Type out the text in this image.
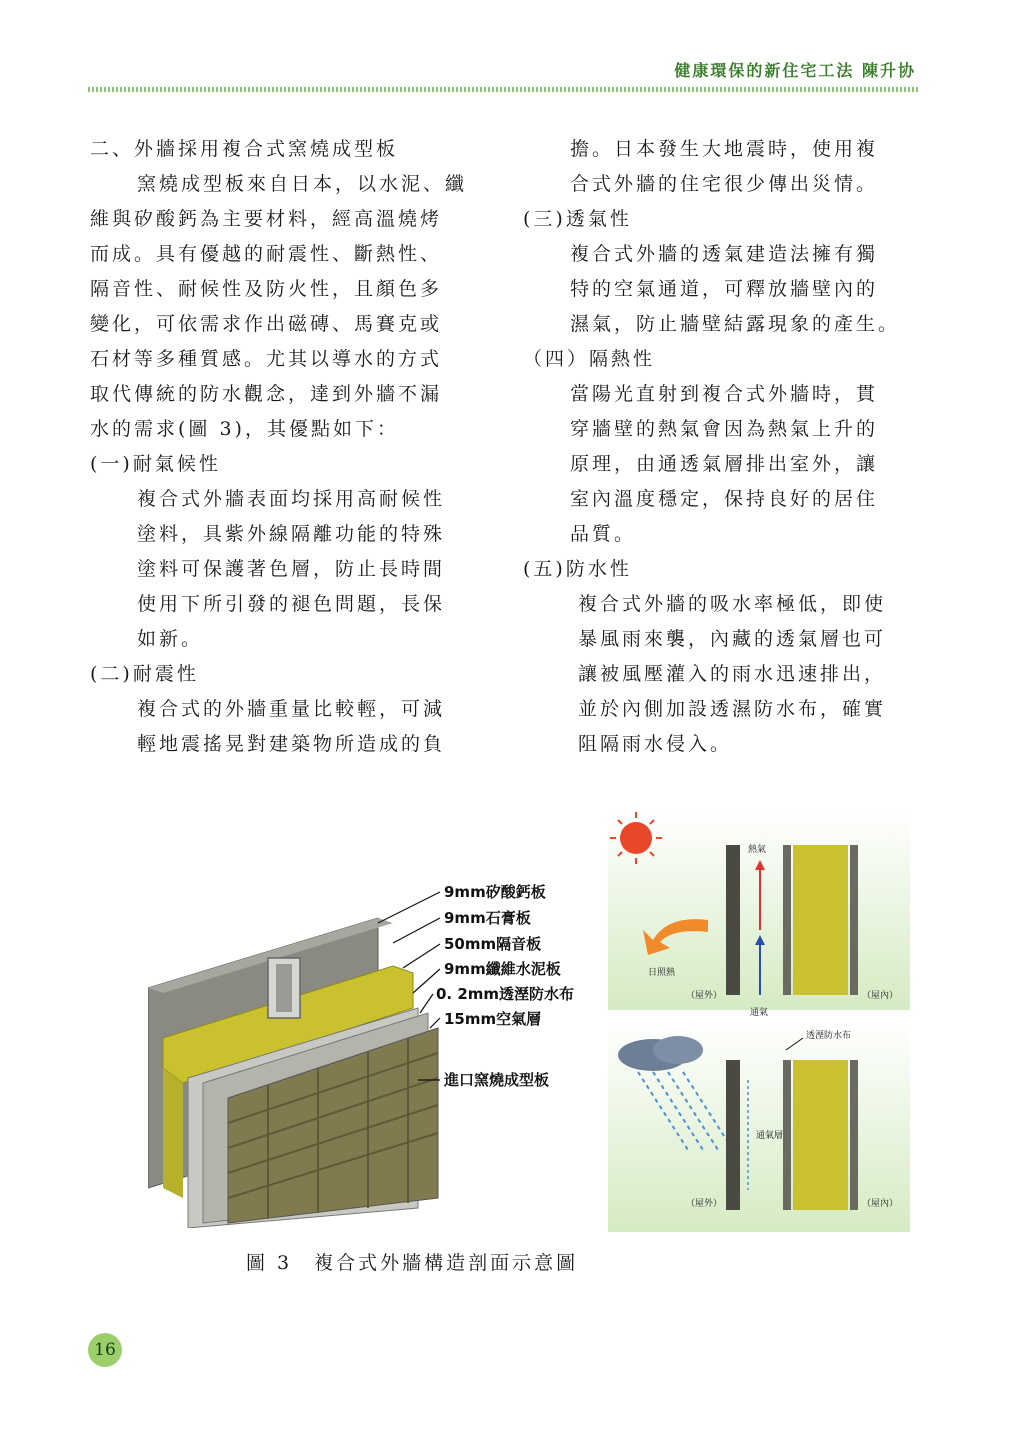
健康環保的新住宅工法 陳升协
二、外牆採用複合式窯燒成型板
窯燒成型板來自日本，以水泥、纖
維與矽酸鈣為主要材料，經高溫燒烤
而成。具有優越的耐震性、斷熱性、
隔音性、耐候性及防火性，且顏色多
變化，可依需求作出磁磚、馬賽克或
石材等多種質感。尤其以導水的方式
取代傳統的防水觀念，達到外牆不漏
水的需求(圖 3)，其優點如下：
(一)耐氣候性
複合式外牆表面均採用高耐候性
塗料，具紫外線隔離功能的特殊
塗料可保護著色層，防止長時間
使用下所引發的褪色問題，長保
如新。
(二)耐震性
複合式的外牆重量比較輕，可減
輕地震搖晃對建築物所造成的負
擔。日本發生大地震時，使用複
合式外牆的住宅很少傳出災情。
(三)透氣性
複合式外牆的透氣建造法擁有獨
特的空氣通道，可釋放牆壁內的
濕氣，防止牆壁結露現象的產生。
（四）隔熱性
當陽光直射到複合式外牆時，貫
穿牆壁的熱氣會因為熱氣上升的
原理，由通透氣層排出室外，讓
室內溫度穩定，保持良好的居住
品質。
(五)防水性
複合式外牆的吸水率極低，即使
暴風雨來襲，內藏的透氣層也可
讓被風壓灌入的雨水迅速排出，
並於內側加設透濕防水布，確實
阻隔雨水侵入。
9mm矽酸鈣板
9mm石膏板
50mm隔音板
9mm纖維水泥板
0. 2mm透溼防水布
15mm空氣層
進口窯燒成型板
日照熱
熱氣
通氣
（屋外）	（屋內）
通氣層
透溼防水布
（屋外）	（屋內）
圖 3 複合式外牆構造剖面示意圖
16
